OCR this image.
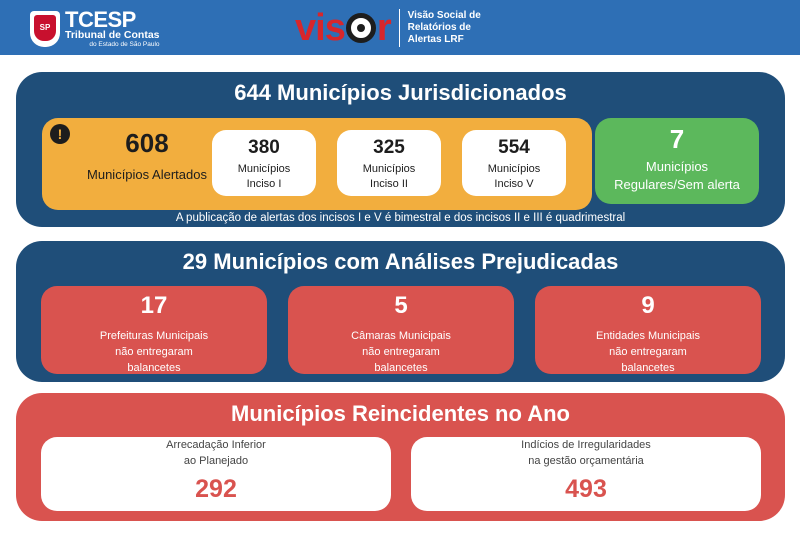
SP TCESP
Tribunal de Contas
do Estado de São Paulo	vis r Visão Social de Relatórios de Alertas LRF
644 Municípios Jurisdicionados
!	608
Municípios Alertados
380
Municípios
Inciso I
325
Municípios
Inciso II
554
Municípios
Inciso V
7
Municípios
Regulares/Sem alerta
A publicação de alertas dos incisos I e V é bimestral e dos incisos II e III é quadrimestral
29 Municípios com Análises Prejudicadas
17
Prefeituras Municipais
não entregaram
balancetes
5
Câmaras Municipais
não entregaram
balancetes
9
Entidades Municipais
não entregaram
balancetes
Municípios Reincidentes no Ano
Arrecadação Inferior
ao Planejado
292
Indícios de Irregularidades
na gestão orçamentária
493
